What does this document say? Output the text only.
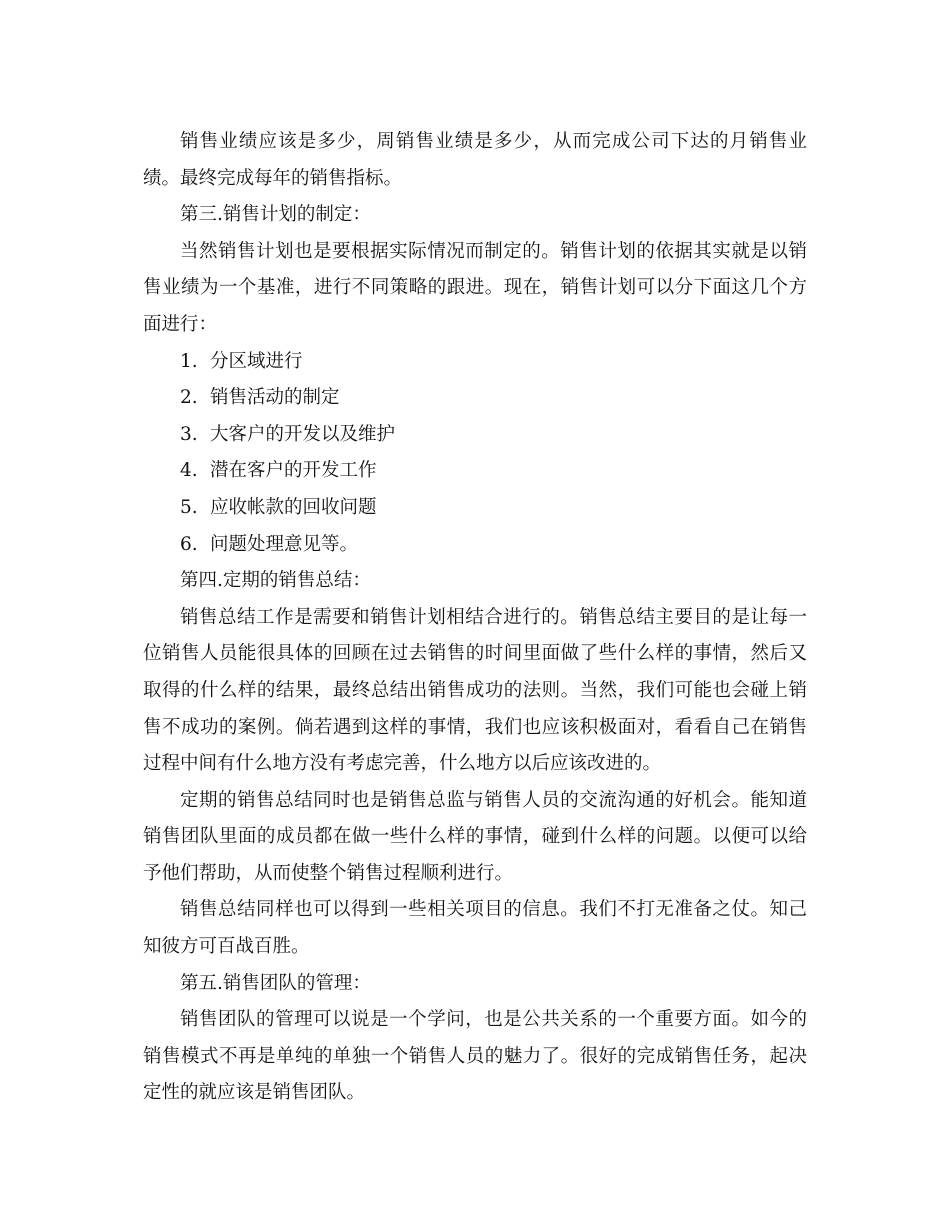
销售业绩应该是多少，周销售业绩是多少，从而完成公司下达的月销售业绩。最终完成每年的销售指标。

第三.销售计划的制定：

当然销售计划也是要根据实际情况而制定的。销售计划的依据其实就是以销售业绩为一个基准，进行不同策略的跟进。现在，销售计划可以分下面这几个方面进行：

1. 分区域进行
2. 销售活动的制定
3. 大客户的开发以及维护
4. 潜在客户的开发工作
5. 应收帐款的回收问题
6. 问题处理意见等。

第四.定期的销售总结：

销售总结工作是需要和销售计划相结合进行的。销售总结主要目的是让每一位销售人员能很具体的回顾在过去销售的时间里面做了些什么样的事情，然后又取得的什么样的结果，最终总结出销售成功的法则。当然，我们可能也会碰上销售不成功的案例。倘若遇到这样的事情，我们也应该积极面对，看看自己在销售过程中间有什么地方没有考虑完善，什么地方以后应该改进的。

定期的销售总结同时也是销售总监与销售人员的交流沟通的好机会。能知道销售团队里面的成员都在做一些什么样的事情，碰到什么样的问题。以便可以给予他们帮助，从而使整个销售过程顺利进行。

销售总结同样也可以得到一些相关项目的信息。我们不打无准备之仗。知己知彼方可百战百胜。

第五.销售团队的管理：

销售团队的管理可以说是一个学问，也是公共关系的一个重要方面。如今的销售模式不再是单纯的单独一个销售人员的魅力了。很好的完成销售任务，起决定性的就应该是销售团队。
